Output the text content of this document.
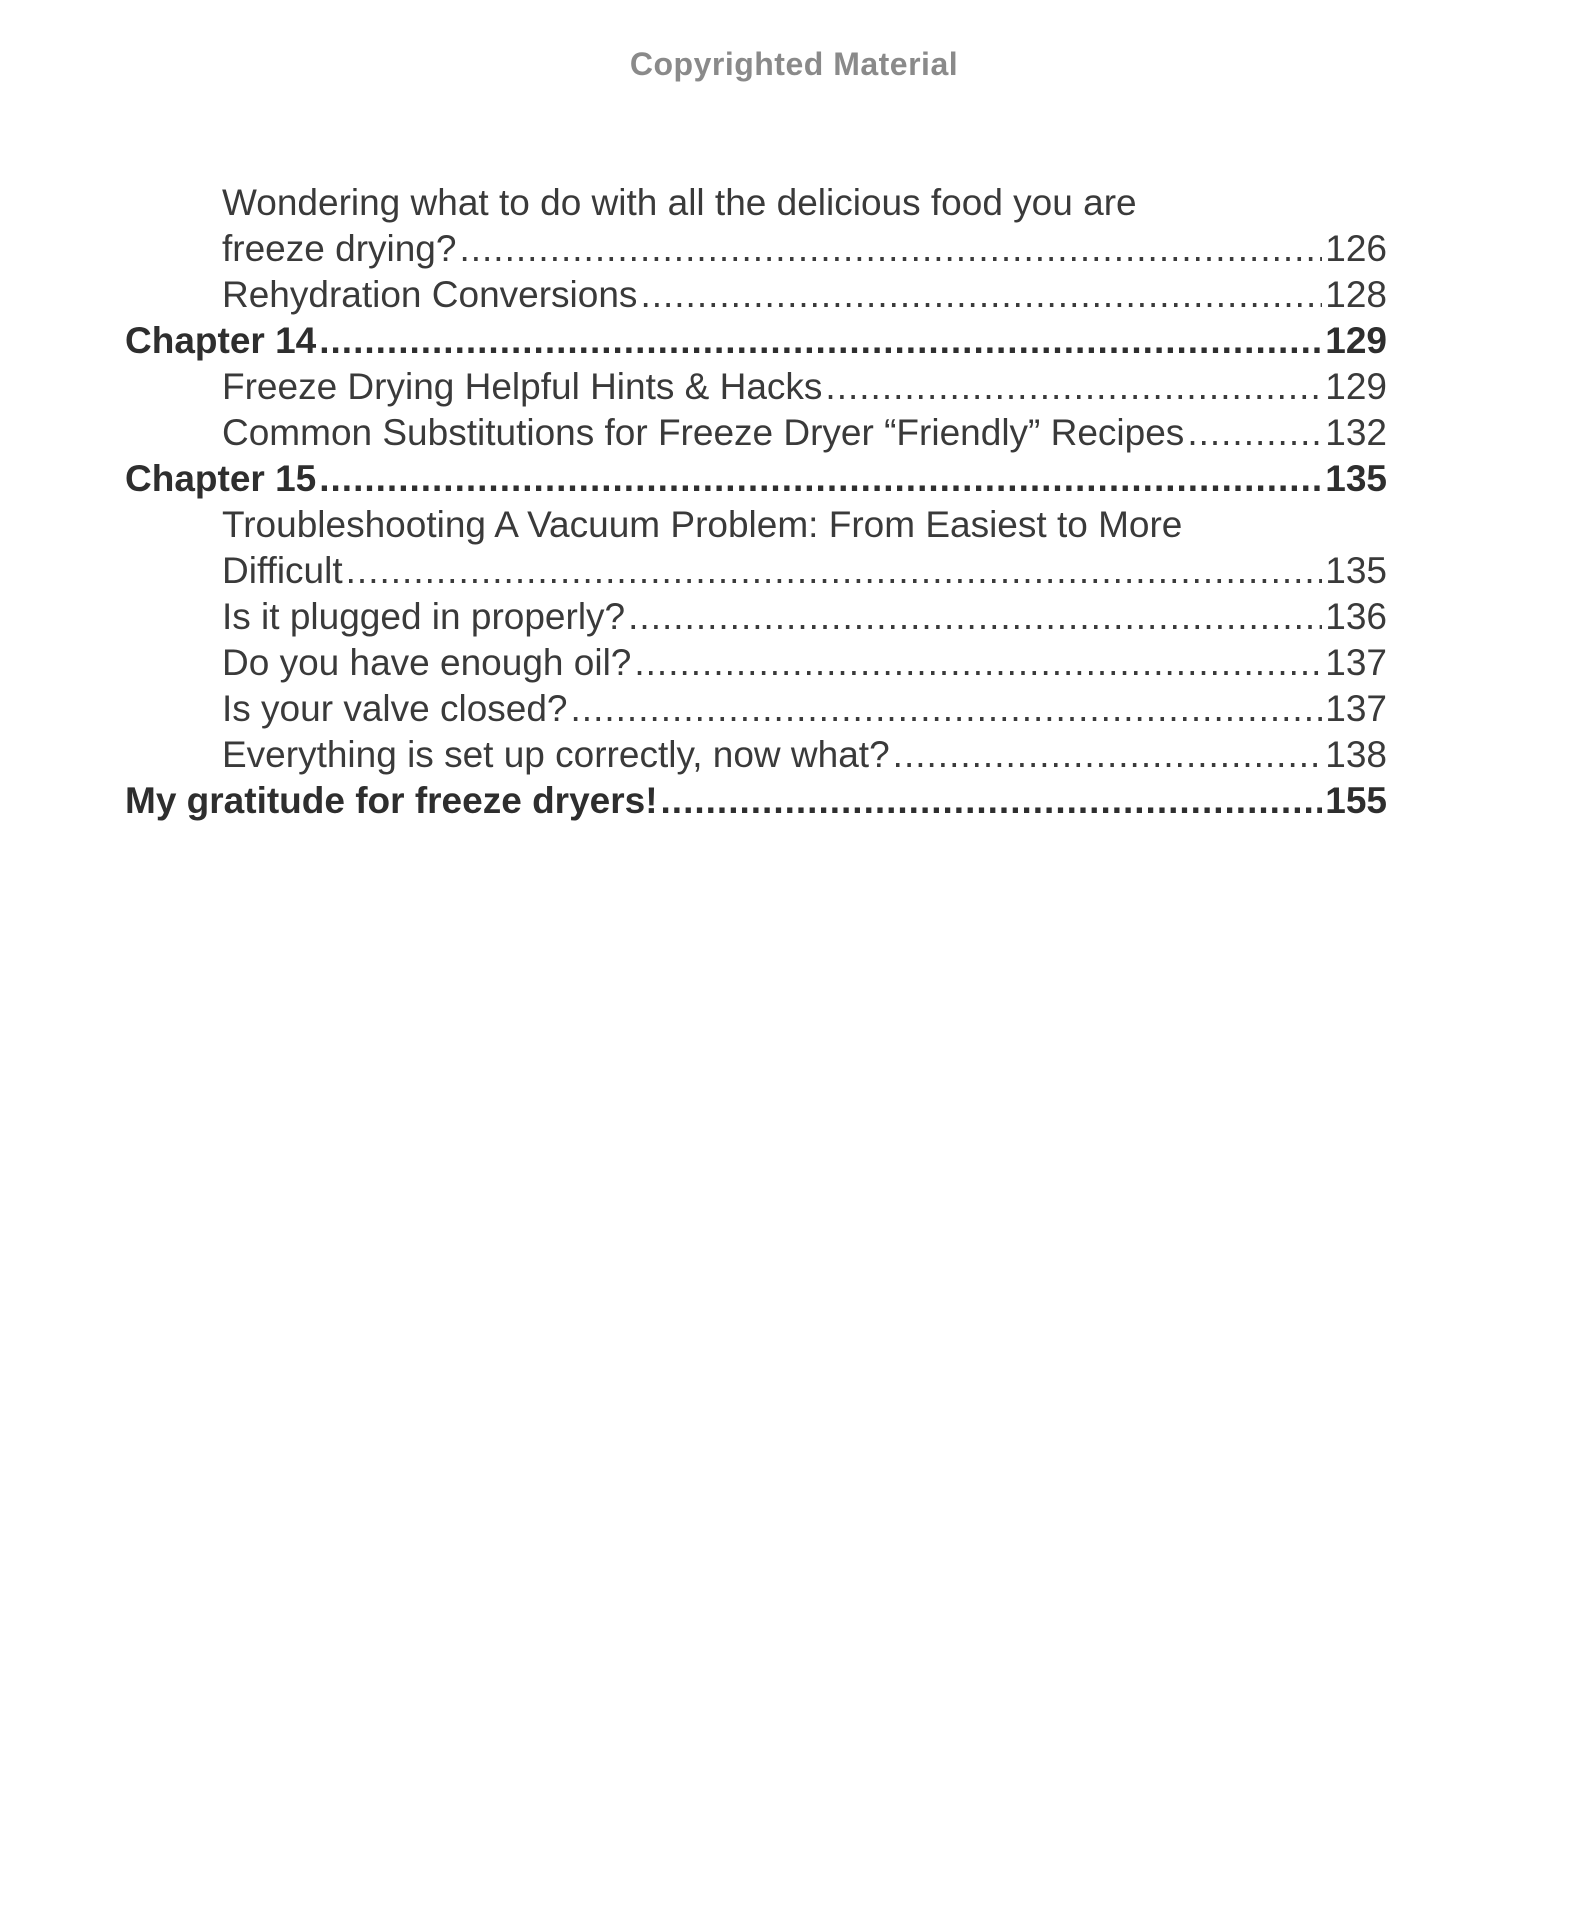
Copyrighted Material
Wondering what to do with all the delicious food you are
freeze drying? .....	126
Rehydration Conversions .....	128
Chapter 14 .....	129
Freeze Drying Helpful Hints & Hacks .....	129
Common Substitutions for Freeze Dryer “Friendly” Recipes .....	132
Chapter 15 .....	135
Troubleshooting A Vacuum Problem: From Easiest to More
Difficult .....	135
Is it plugged in properly? .....	136
Do you have enough oil? .....	137
Is your valve closed? .....	137
Everything is set up correctly, now what? .....	138
My gratitude for freeze dryers! .....	155
